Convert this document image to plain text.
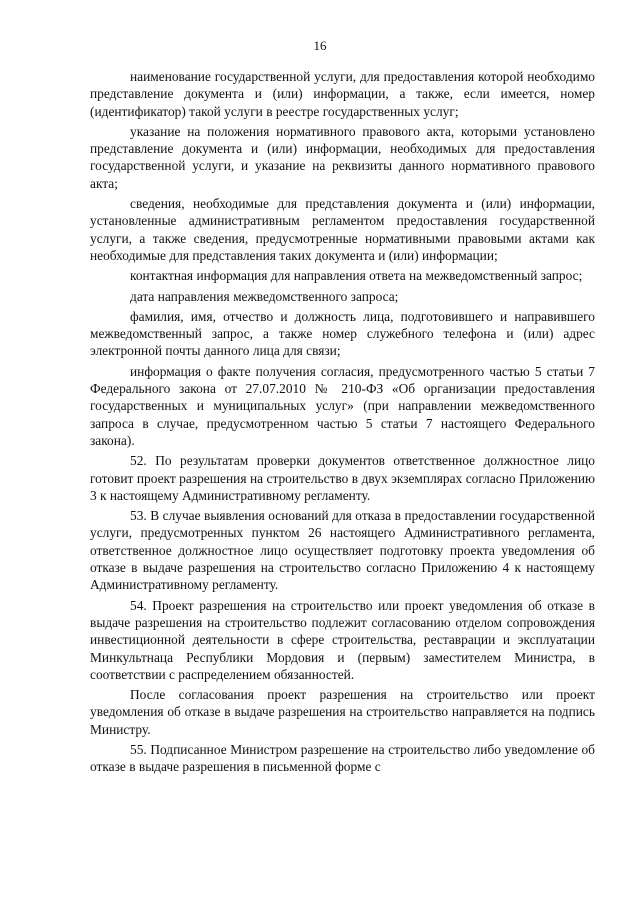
16

наименование государственной услуги, для предоставления которой необходимо представление документа и (или) информации, а также, если имеется, номер (идентификатор) такой услуги в реестре государственных услуг;

указание на положения нормативного правового акта, которыми установлено представление документа и (или) информации, необходимых для предоставления государственной услуги, и указание на реквизиты данного нормативного правового акта;

сведения, необходимые для представления документа и (или) информации, установленные административным регламентом предоставления государственной услуги, а также сведения, предусмотренные нормативными правовыми актами как необходимые для представления таких документа и (или) информации;

контактная информация для направления ответа на межведомственный запрос;

дата направления межведомственного запроса;

фамилия, имя, отчество и должность лица, подготовившего и направившего межведомственный запрос, а также номер служебного телефона и (или) адрес электронной почты данного лица для связи;

информация о факте получения согласия, предусмотренного частью 5 статьи 7 Федерального закона от 27.07.2010 № 210-ФЗ «Об организации предоставления государственных и муниципальных услуг» (при направлении межведомственного запроса в случае, предусмотренном частью 5 статьи 7 настоящего Федерального закона).

52. По результатам проверки документов ответственное должностное лицо готовит проект разрешения на строительство в двух экземплярах согласно Приложению 3 к настоящему Административному регламенту.

53. В случае выявления оснований для отказа в предоставлении государственной услуги, предусмотренных пунктом 26 настоящего Административного регламента, ответственное должностное лицо осуществляет подготовку проекта уведомления об отказе в выдаче разрешения на строительство согласно Приложению 4 к настоящему Административному регламенту.

54. Проект разрешения на строительство или проект уведомления об отказе в выдаче разрешения на строительство подлежит согласованию отделом сопровождения инвестиционной деятельности в сфере строительства, реставрации и эксплуатации Минкультнаца Республики Мордовия и (первым) заместителем Министра, в соответствии с распределением обязанностей.

После согласования проект разрешения на строительство или проект уведомления об отказе в выдаче разрешения на строительство направляется на подпись Министру.

55. Подписанное Министром разрешение на строительство либо уведомление об отказе в выдаче разрешения в письменной форме с
